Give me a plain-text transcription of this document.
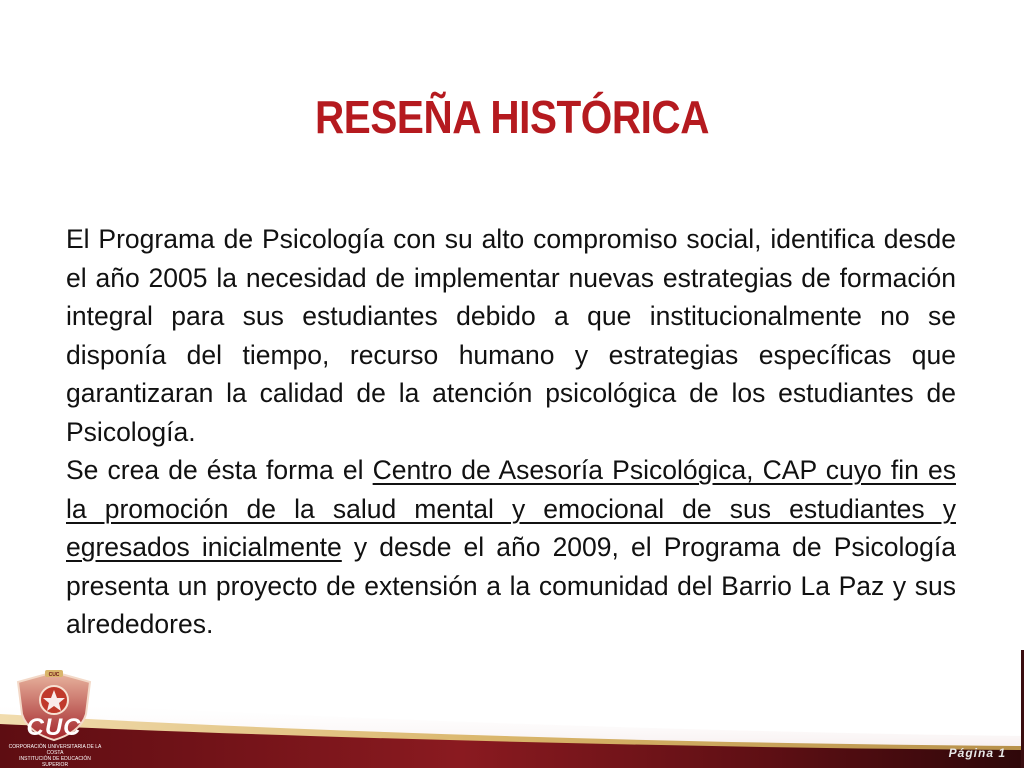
RESEÑA HISTÓRICA

El Programa de Psicología con su alto compromiso social, identifica desde el año 2005 la necesidad de implementar nuevas estrategias de formación integral para sus estudiantes debido a que institucionalmente no se disponía del tiempo, recurso humano y estrategias específicas que garantizaran la calidad de la atención psicológica de los estudiantes de Psicología.

Se crea de ésta forma el Centro de Asesoría Psicológica, CAP cuyo fin es la promoción de la salud mental y emocional de sus estudiantes y egresados inicialmente y desde el año 2009, el Programa de Psicología presenta un proyecto de extensión a la comunidad del Barrio La Paz y sus alrededores.

CUC
CUC
CORPORACIÓN UNIVERSITARIA DE LA COSTA
INSTITUCIÓN DE EDUCACIÓN SUPERIOR
Página 1
